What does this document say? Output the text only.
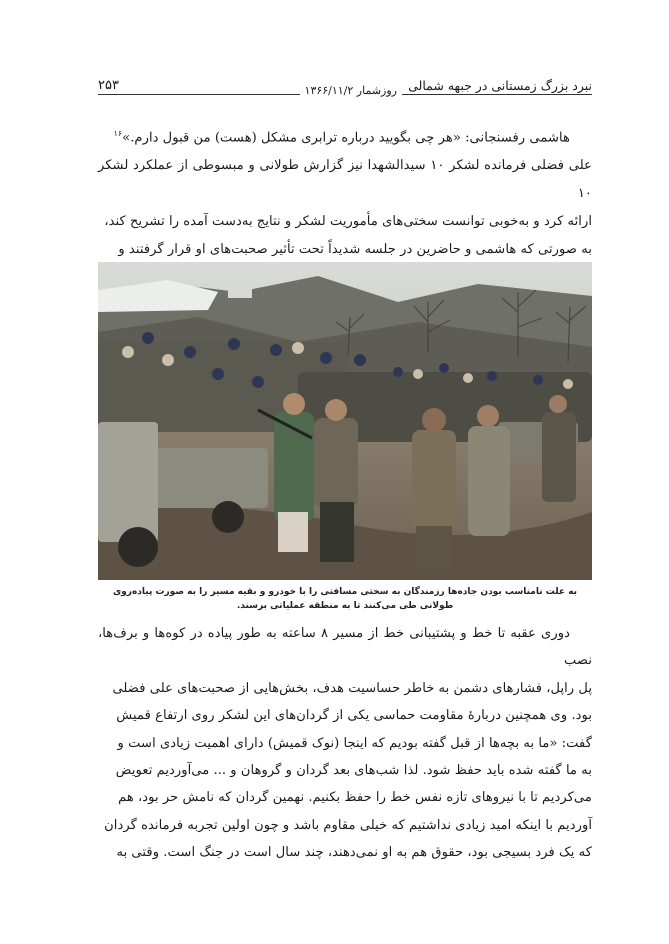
۲۵۳	روزشمار ۱۳۶۶/۱۱/۲ نبرد بزرگ زمستانی در جبهه شمالی
هاشمی رفسنجانی: «هر چی بگویید درباره ترابری مشکل (هست) من قبول دارم.»$^{۱۶}$
علی فضلی فرمانده لشکر ۱۰ سیدالشهدا نیز گزارش طولانی و مبسوطی از عملکرد لشکر ۱۰
ارائه کرد و به‌خوبی توانست سختی‌های مأموریت لشکر و نتایج به‌دست آمده را تشریح کند،
به صورتی که هاشمی و حاضرین در جلسه شدیداً تحت تأثیر صحبت‌های او قرار گرفتند و
به علت نامناسب بودن جاده‌ها رزمندگان به سختی مسافتی را با خودرو و بقیه مسیر را به صورت پیاده‌روی طولانی طی می‌کنند تا به منطقه عملیاتی برسند.
دوری عقبه تا خط و پشتیبانی خط از مسیر ۸ ساعته به طور پیاده در کوه‌ها و برف‌ها، نصب
پل راپل، فشارهای دشمن به خاطر حساسیت هدف، بخش‌هایی از صحبت‌های علی فضلی
بود. وی همچنین دربارهٔ مقاومت حماسی یکی از گردان‌های این لشکر روی ارتفاع قمیش
گفت: «ما به بچه‌ها از قبل گفته بودیم که اینجا (نوک قمیش) دارای اهمیت زیادی است و
به ما گفته شده باید حفظ شود. لذا شب‌های بعد گردان و گروهان و ... می‌آوردیم تعویض
می‌کردیم تا با نیروهای تازه نفس خط را حفظ بکنیم. نهمین گردان که نامش حر بود، هم
آوردیم با اینکه امید زیادی نداشتیم که خیلی مقاوم باشد و چون اولین تجربه فرمانده گردان
که یک فرد بسیجی بود، حقوق هم به او نمی‌دهند، چند سال است در جنگ است. وقتی به
